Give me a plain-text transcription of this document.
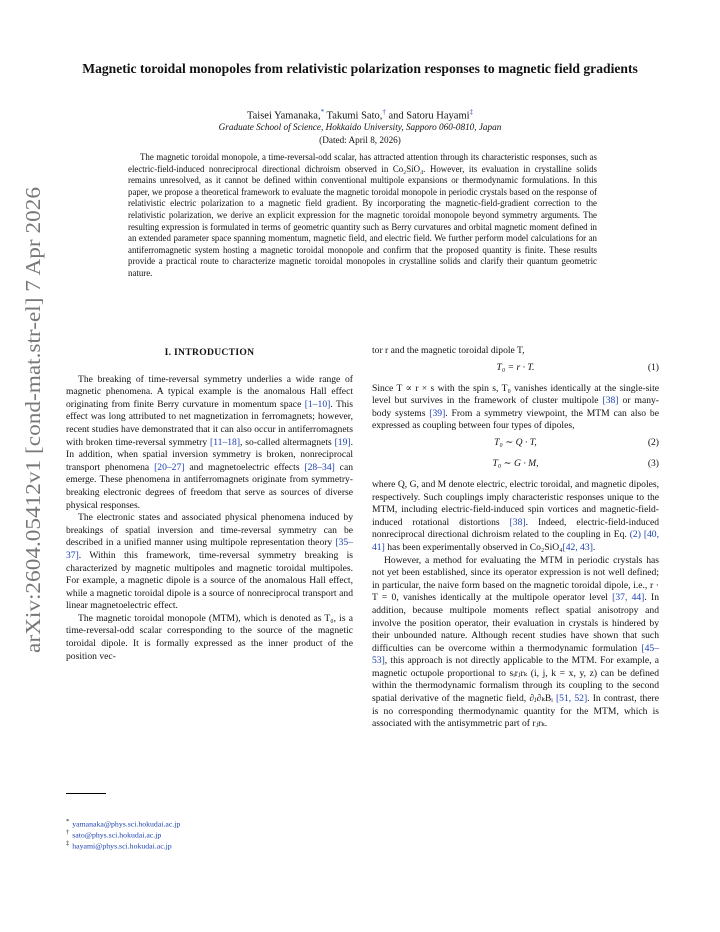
arXiv:2604.05412v1 [cond-mat.str-el] 7 Apr 2026
Magnetic toroidal monopoles from relativistic polarization responses to magnetic field gradients
Taisei Yamanaka,* Takumi Sato,† and Satoru Hayami‡
Graduate School of Science, Hokkaido University, Sapporo 060-0810, Japan
(Dated: April 8, 2026)
The magnetic toroidal monopole, a time-reversal-odd scalar, has attracted attention through its characteristic responses, such as electric-field-induced nonreciprocal directional dichroism observed in Co₂SiO₄. However, its evaluation in crystalline solids remains unresolved, as it cannot be defined within conventional multipole expansions or thermodynamic formulations. In this paper, we propose a theoretical framework to evaluate the magnetic toroidal monopole in periodic crystals based on the response of relativistic electric polarization to a magnetic field gradient. By incorporating the magnetic-field-gradient correction to the relativistic polarization, we derive an explicit expression for the magnetic toroidal monopole beyond symmetry arguments. The resulting expression is formulated in terms of geometric quantity such as Berry curvatures and orbital magnetic moment defined in an extended parameter space spanning momentum, magnetic field, and electric field. We further perform model calculations for an antiferromagnetic system hosting a magnetic toroidal monopole and confirm that the proposed quantity is finite. These results provide a practical route to characterize magnetic toroidal monopoles in crystalline solids and clarify their quantum geometric nature.
I. INTRODUCTION

The breaking of time-reversal symmetry underlies a wide range of magnetic phenomena. A typical example is the anomalous Hall effect originating from finite Berry curvature in momentum space [1–10]. This effect was long attributed to net magnetization in ferromagnets; however, recent studies have demonstrated that it can also occur in antiferromagnets with broken time-reversal symmetry [11–18], so-called altermagnets [19]. In addition, when spatial inversion symmetry is broken, nonreciprocal transport phenomena [20–27] and magnetoelectric effects [28–34] can emerge. These phenomena in antiferromagnets originate from symmetry-breaking electronic degrees of freedom that serve as sources of diverse physical responses.

The electronic states and associated physical phenomena induced by breakings of spatial inversion and time-reversal symmetry can be described in a unified manner using multipole representation theory [35–37]. Within this framework, time-reversal symmetry breaking is characterized by magnetic multipoles and magnetic toroidal multipoles. For example, a magnetic dipole is a source of the anomalous Hall effect, while a magnetic toroidal dipole is a source of nonreciprocal transport and linear magnetoelectric effect.

The magnetic toroidal monopole (MTM), which is denoted as T₀, is a time-reversal-odd scalar corresponding to the source of the magnetic toroidal dipole. It is formally expressed as the inner product of the position vec-

tor r and the magnetic toroidal dipole T,

T₀ = r · T.	(1)

Since T ∝ r × s with the spin s, T₀ vanishes identically at the single-site level but survives in the framework of cluster multipole [38] or many-body systems [39]. From a symmetry viewpoint, the MTM can also be expressed as coupling between four types of dipoles,

T₀ ∼ Q · T,	(2)
T₀ ∼ G · M,	(3)

where Q, G, and M denote electric, electric toroidal, and magnetic dipoles, respectively. Such couplings imply characteristic responses unique to the MTM, including electric-field-induced spin vortices and magnetic-field-induced rotational distortions [38]. Indeed, electric-field-induced nonreciprocal directional dichroism related to the coupling in Eq. (2) [40, 41] has been experimentally observed in Co₂SiO₄[42, 43].

However, a method for evaluating the MTM in periodic crystals has not yet been established, since its operator expression is not well defined; in particular, the naive form based on the magnetic toroidal dipole, i.e., r · T = 0, vanishes identically at the multipole operator level [37, 44]. In addition, because multipole moments reflect spatial anisotropy and involve the position operator, their evaluation in crystals is hindered by their unbounded nature. Although recent studies have shown that such difficulties can be overcome within a thermodynamic formulation [45–53], this approach is not directly applicable to the MTM. For example, a magnetic octupole proportional to sᵢrⱼrₖ (i, j, k = x, y, z) can be defined within the thermodynamic formalism through its coupling to the second spatial derivative of the magnetic field, ∂ⱼ∂ₖBᵢ [51, 52]. In contrast, there is no corresponding thermodynamic quantity for the MTM, which is associated with the antisymmetric part of rⱼrₖ.

* yamanaka@phys.sci.hokudai.ac.jp
† sato@phys.sci.hokudai.ac.jp
‡ hayami@phys.sci.hokudai.ac.jp
